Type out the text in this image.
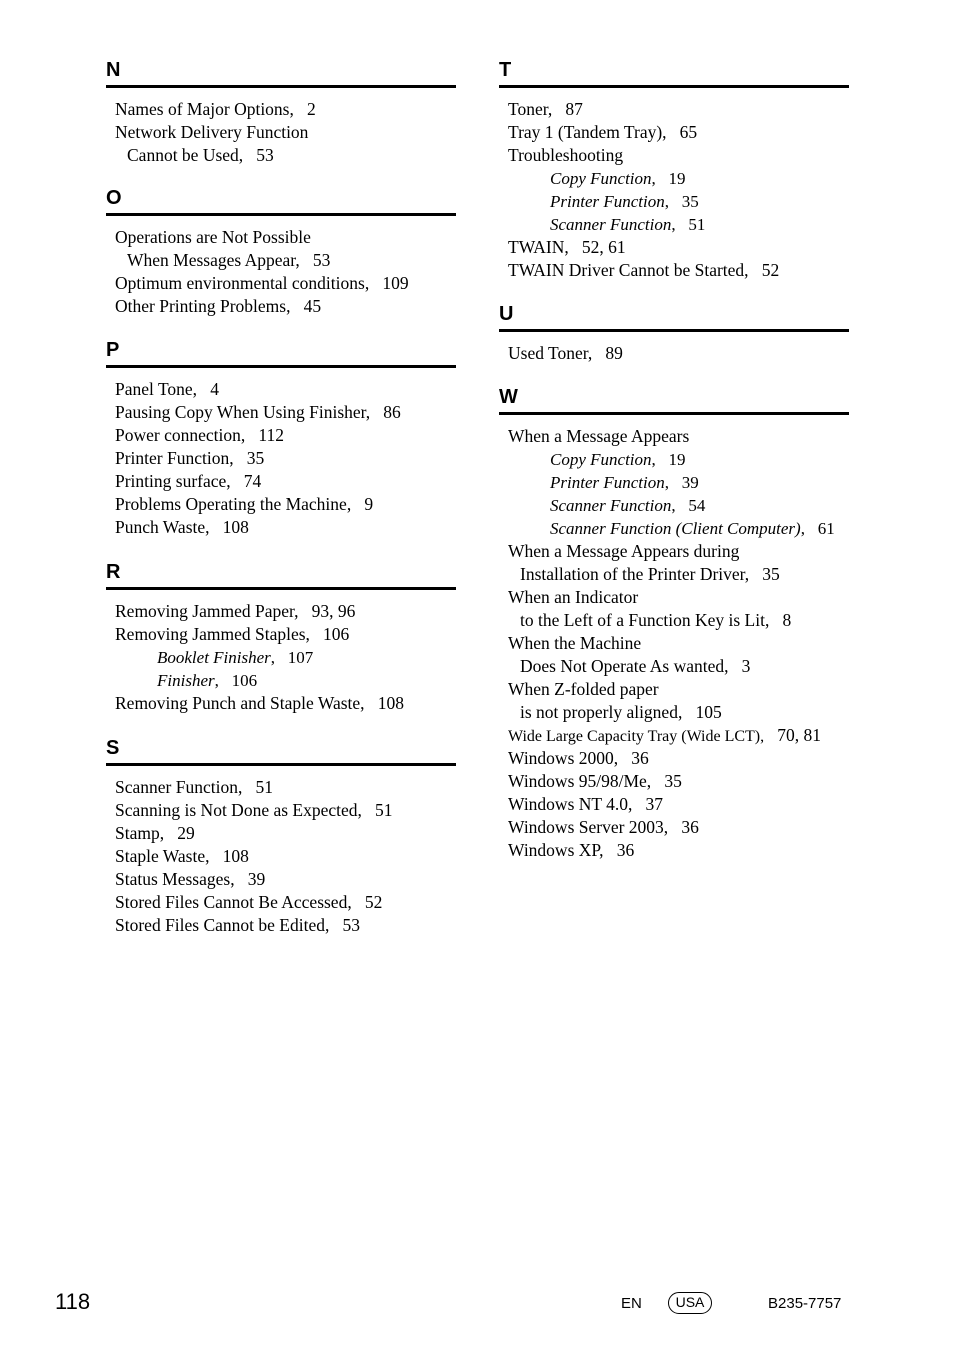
N
Names of Major Options, 2
Network Delivery Function
Cannot be Used, 53
O
Operations are Not Possible
When Messages Appear, 53
Optimum environmental conditions, 109
Other Printing Problems, 45
P
Panel Tone, 4
Pausing Copy When Using Finisher, 86
Power connection, 112
Printer Function, 35
Printing surface, 74
Problems Operating the Machine, 9
Punch Waste, 108
R
Removing Jammed Paper, 93, 96
Removing Jammed Staples, 106
Booklet Finisher, 107
Finisher, 106
Removing Punch and Staple Waste, 108
S
Scanner Function, 51
Scanning is Not Done as Expected, 51
Stamp, 29
Staple Waste, 108
Status Messages, 39
Stored Files Cannot Be Accessed, 52
Stored Files Cannot be Edited, 53
T
Toner, 87
Tray 1 (Tandem Tray), 65
Troubleshooting
Copy Function, 19
Printer Function, 35
Scanner Function, 51
TWAIN, 52, 61
TWAIN Driver Cannot be Started, 52
U
Used Toner, 89
W
When a Message Appears
Copy Function, 19
Printer Function, 39
Scanner Function, 54
Scanner Function (Client Computer), 61
When a Message Appears during
Installation of the Printer Driver, 35
When an Indicator
to the Left of a Function Key is Lit, 8
When the Machine
Does Not Operate As wanted, 3
When Z-folded paper
is not properly aligned, 105
Wide Large Capacity Tray (Wide LCT), 70, 81
Windows 2000, 36
Windows 95/98/Me, 35
Windows NT 4.0, 37
Windows Server 2003, 36
Windows XP, 36
118	EN	USA	B235-7757
